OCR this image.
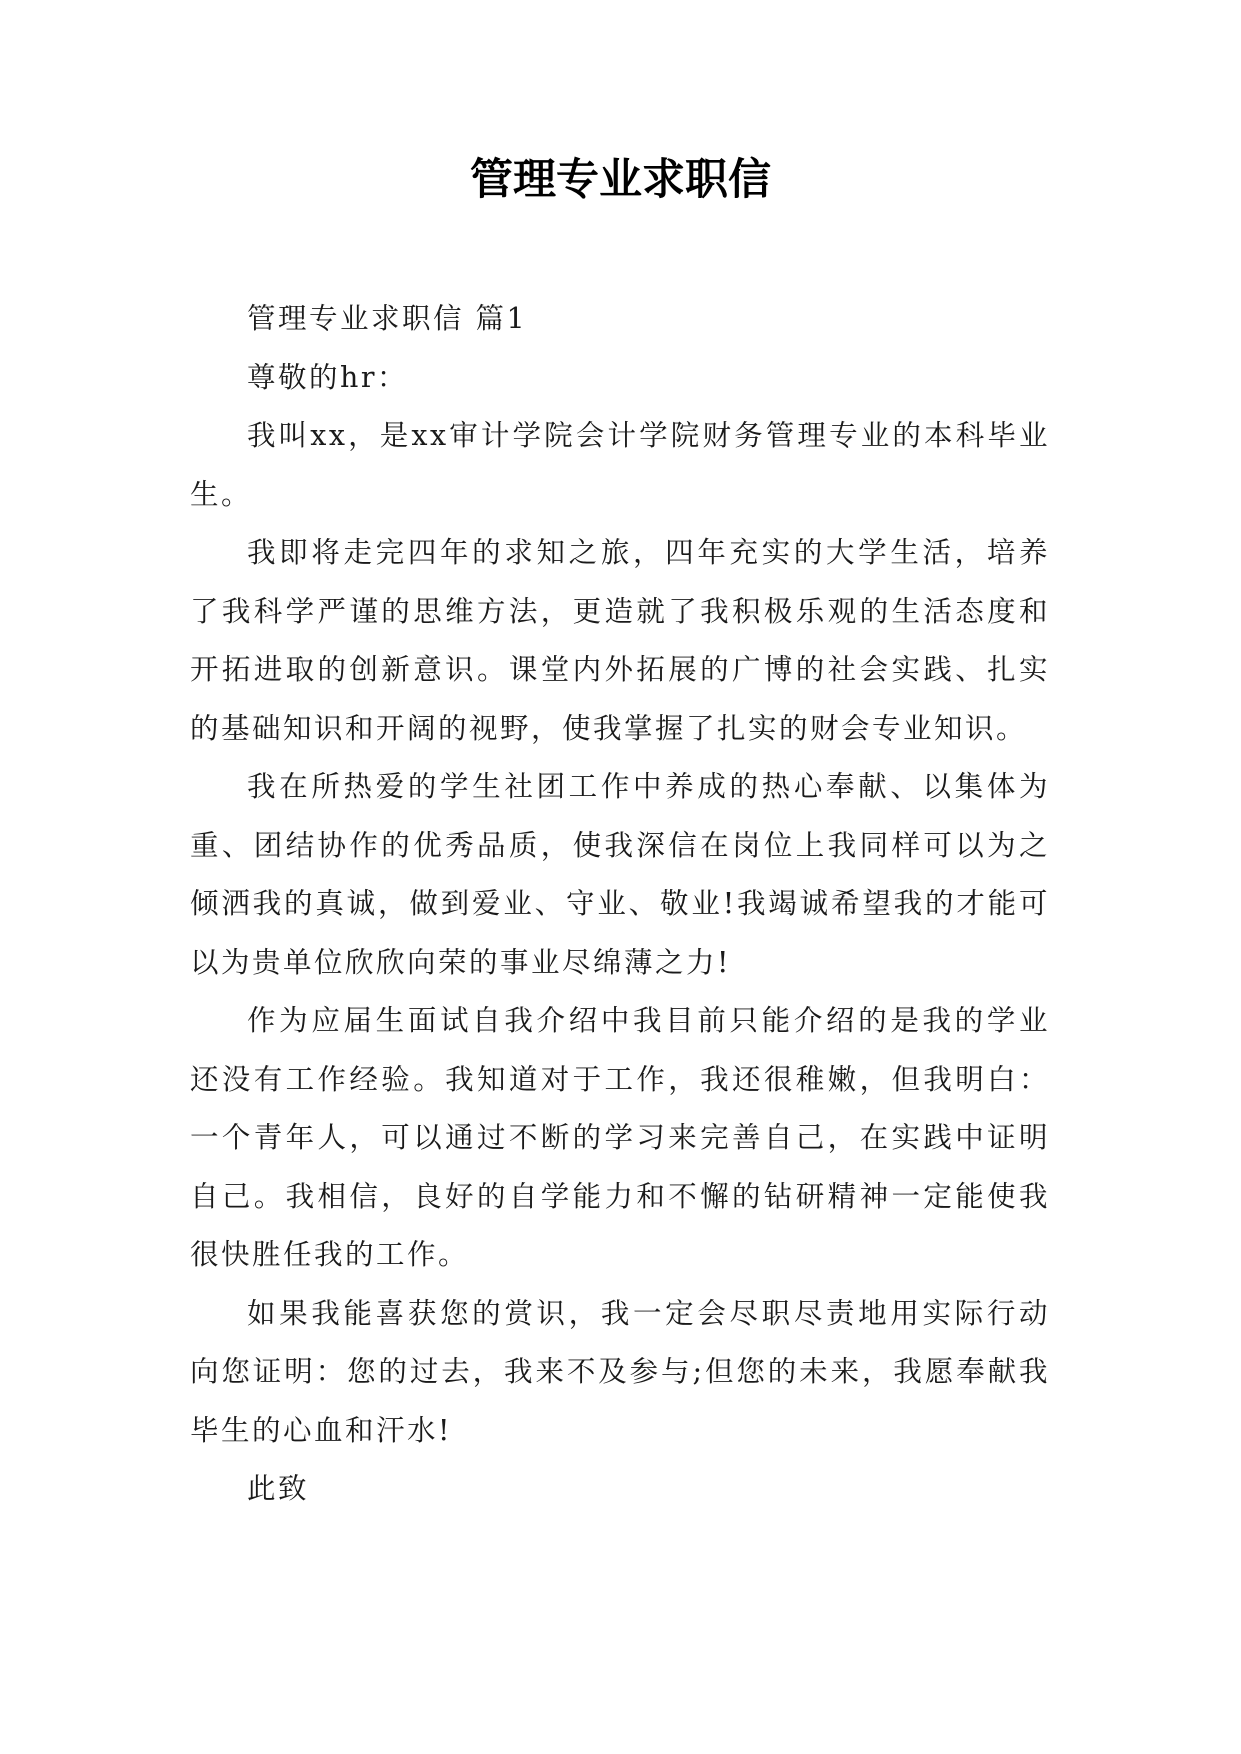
管理专业求职信

管理专业求职信 篇1

尊敬的hr：

我叫xx，是xx审计学院会计学院财务管理专业的本科毕业生。

我即将走完四年的求知之旅，四年充实的大学生活，培养了我科学严谨的思维方法，更造就了我积极乐观的生活态度和开拓进取的创新意识。课堂内外拓展的广博的社会实践、扎实的基础知识和开阔的视野，使我掌握了扎实的财会专业知识。

我在所热爱的学生社团工作中养成的热心奉献、以集体为重、团结协作的优秀品质，使我深信在岗位上我同样可以为之倾洒我的真诚，做到爱业、守业、敬业!我竭诚希望我的才能可以为贵单位欣欣向荣的事业尽绵薄之力!

作为应届生面试自我介绍中我目前只能介绍的是我的学业还没有工作经验。我知道对于工作，我还很稚嫩，但我明白：一个青年人，可以通过不断的学习来完善自己，在实践中证明自己。我相信，良好的自学能力和不懈的钻研精神一定能使我很快胜任我的工作。

如果我能喜获您的赏识，我一定会尽职尽责地用实际行动向您证明：您的过去，我来不及参与;但您的未来，我愿奉献我毕生的心血和汗水!

此致
